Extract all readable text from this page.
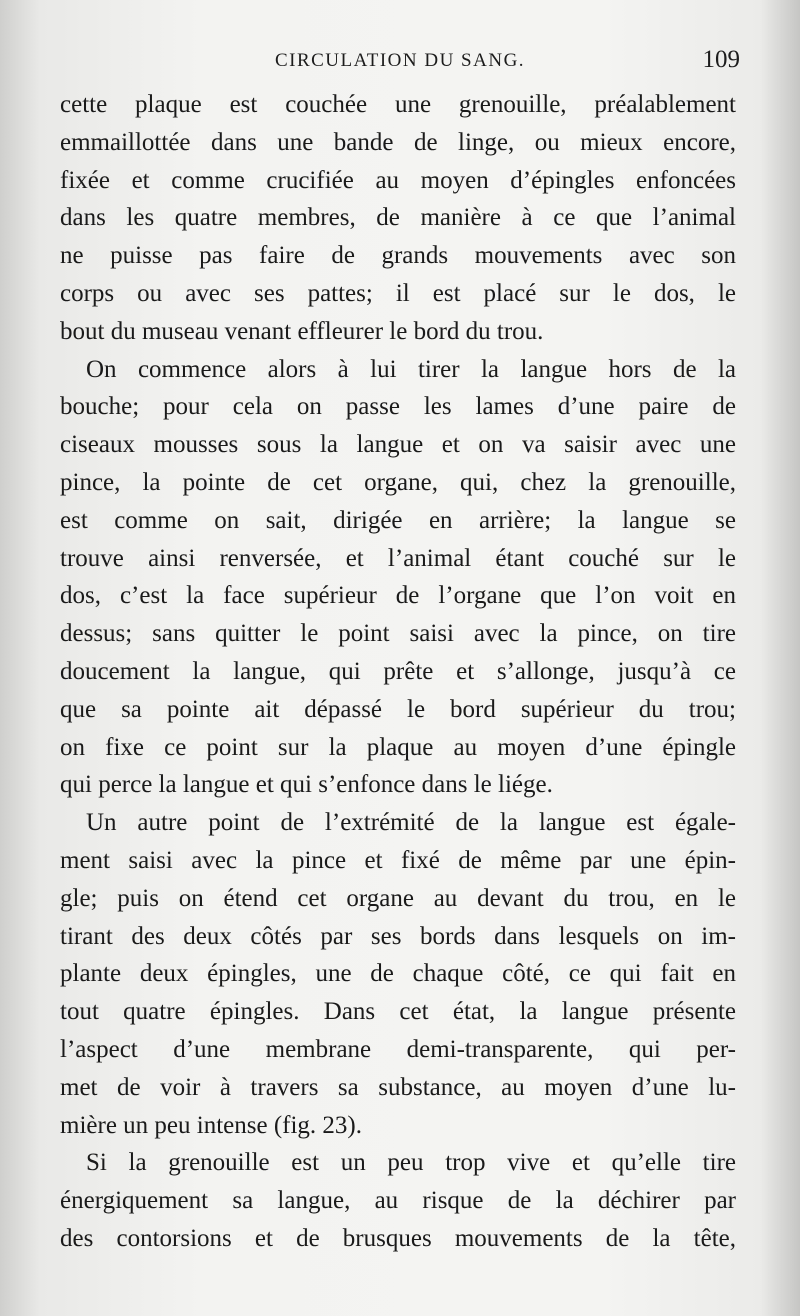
CIRCULATION DU SANG.	109

cette plaque est couchée une grenouille, préalablement
emmaillottée dans une bande de linge, ou mieux encore,
fixée et comme crucifiée au moyen d’épingles enfoncées
dans les quatre membres, de manière à ce que l’animal
ne puisse pas faire de grands mouvements avec son
corps ou avec ses pattes; il est placé sur le dos, le
bout du museau venant effleurer le bord du trou.

On commence alors à lui tirer la langue hors de la
bouche; pour cela on passe les lames d’une paire de
ciseaux mousses sous la langue et on va saisir avec une
pince, la pointe de cet organe, qui, chez la grenouille,
est comme on sait, dirigée en arrière; la langue se
trouve ainsi renversée, et l’animal étant couché sur le
dos, c’est la face supérieur de l’organe que l’on voit en
dessus; sans quitter le point saisi avec la pince, on tire
doucement la langue, qui prête et s’allonge, jusqu’à ce
que sa pointe ait dépassé le bord supérieur du trou;
on fixe ce point sur la plaque au moyen d’une épingle
qui perce la langue et qui s’enfonce dans le liége.

Un autre point de l’extrémité de la langue est égale-
ment saisi avec la pince et fixé de même par une épin-
gle; puis on étend cet organe au devant du trou, en le
tirant des deux côtés par ses bords dans lesquels on im-
plante deux épingles, une de chaque côté, ce qui fait en
tout quatre épingles. Dans cet état, la langue présente
l’aspect d’une membrane demi-transparente, qui per-
met de voir à travers sa substance, au moyen d’une lu-
mière un peu intense (fig. 23).

Si la grenouille est un peu trop vive et qu’elle tire
énergiquement sa langue, au risque de la déchirer par
des contorsions et de brusques mouvements de la tête,
